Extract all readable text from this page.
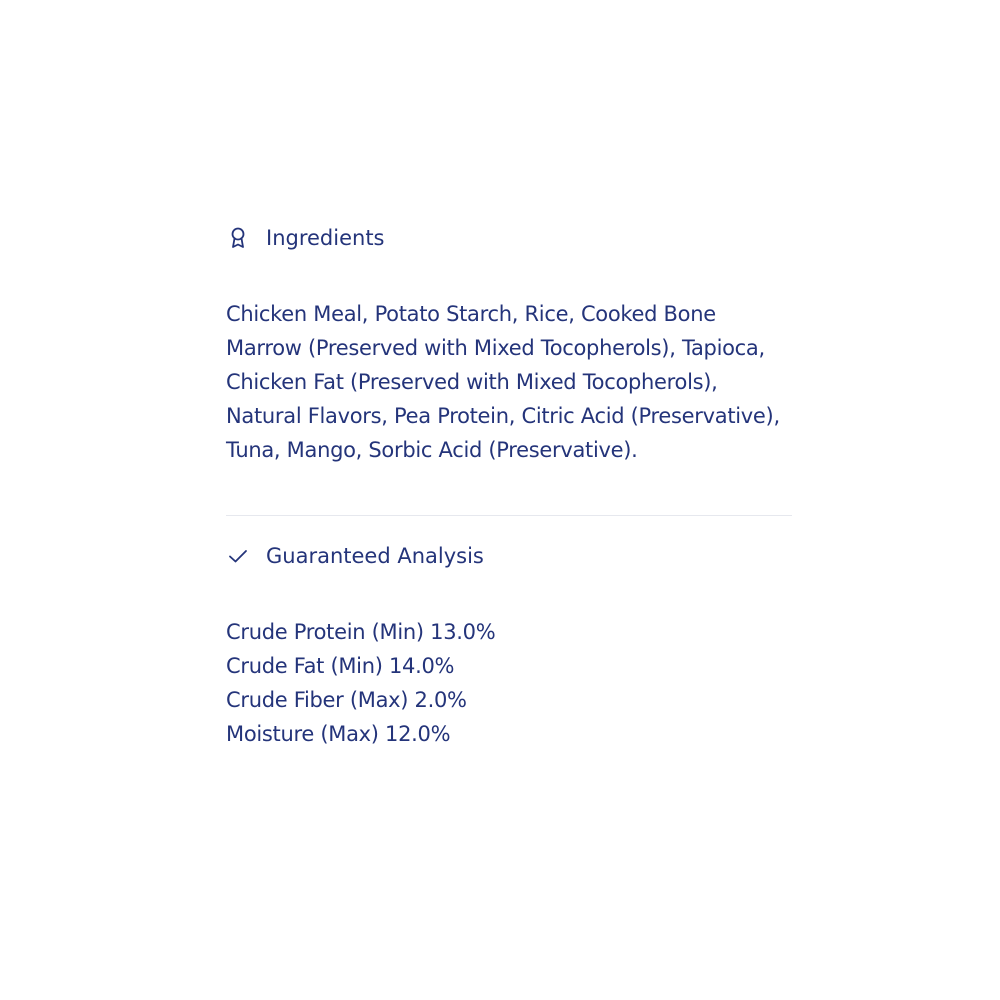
Ingredients
Chicken Meal, Potato Starch, Rice, Cooked Bone Marrow (Preserved with Mixed Tocopherols), Tapioca, Chicken Fat (Preserved with Mixed Tocopherols), Natural Flavors, Pea Protein, Citric Acid (Preservative), Tuna, Mango, Sorbic Acid (Preservative).
Guaranteed Analysis
Crude Protein (Min) 13.0%
Crude Fat (Min) 14.0%
Crude Fiber (Max) 2.0%
Moisture (Max) 12.0%
